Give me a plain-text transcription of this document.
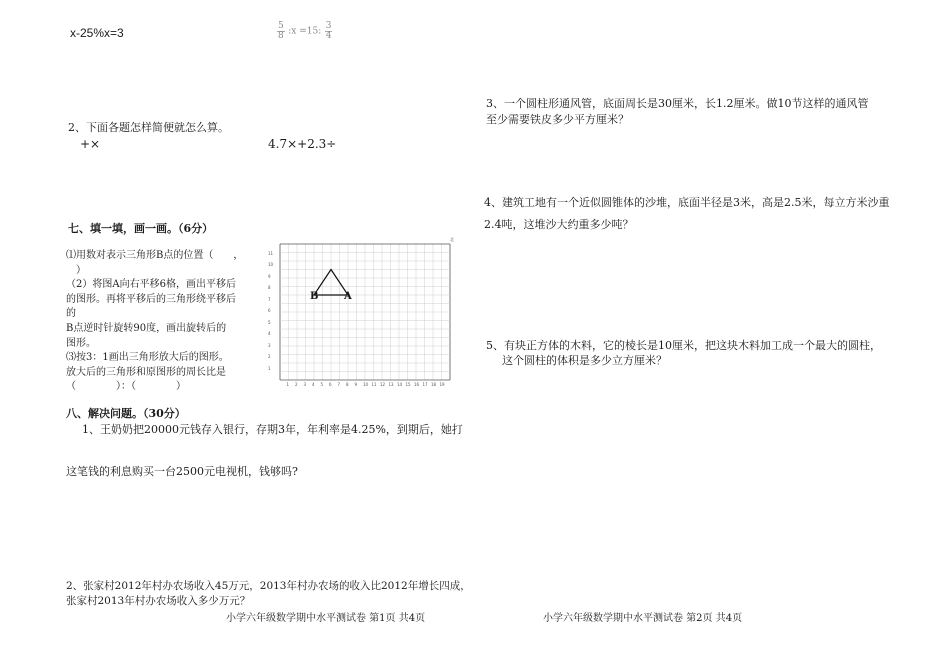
x-25%x=3	$\frac{5}{8}$ :x =15: $\frac{3}{4}$
2、下面各题怎样简便就怎么算。
+×	4.7×+2.3÷
七、填一填，画一画。（6分）
⑴用数对表示三角形B点的位置（　　，
　）
（2）将图A向右平移6格，画出平移后
的图形。再将平移后的三角形绕平移后
的
B点逆时针旋转90度，画出旋转后的
图形。
⑶按3：1画出三角形放大后的图形。
放大后的三角形和原图形的周长比是
（　　　　）：（　　　　）	1 2 3 4 5 6 7 8 9 10 11 12 13 14 15 16 17 18 19
1
2
3
4
5
6
7
8
9
10
11
北
B	A
八、解决问题。（30分）
1、王奶奶把20000元钱存入银行，存期3年，年利率是4.25%，到期后，她打
这笔钱的利息购买一台2500元电视机，钱够吗?
2、张家村2012年村办农场收入45万元，2013年村办农场的收入比2012年增长四成，
张家村2013年村办农场收入多少万元？
小学六年级数学期中水平测试卷 第1页 共4页
3、一个圆柱形通风管，底面周长是30厘米，长1.2厘米。做10节这样的通风管
至少需要铁皮多少平方厘米？
4、建筑工地有一个近似圆锥体的沙堆，底面半径是3米，高是2.5米，每立方米沙重
2.4吨，这堆沙大约重多少吨？
5、有块正方体的木料，它的棱长是10厘米，把这块木料加工成一个最大的圆柱，
这个圆柱的体积是多少立方厘米？
小学六年级数学期中水平测试卷 第2页 共4页
